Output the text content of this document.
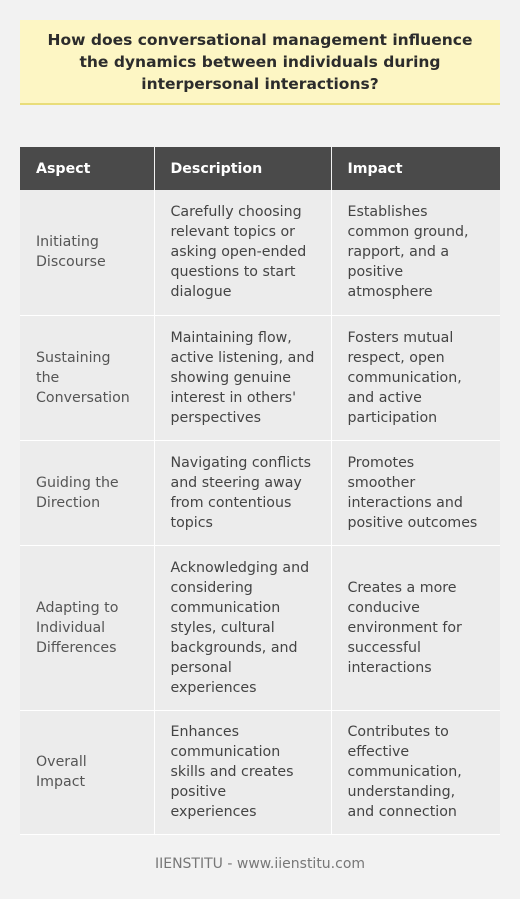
How does conversational management influence the dynamics between individuals during interpersonal interactions?
Aspect	Description	Impact
Initiating Discourse	Carefully choosing relevant topics or asking open-ended questions to start dialogue	Establishes common ground, rapport, and a positive atmosphere
Sustaining the Conversation	Maintaining flow, active listening, and showing genuine interest in others' perspectives	Fosters mutual respect, open communication, and active participation
Guiding the Direction	Navigating conflicts and steering away from contentious topics	Promotes smoother interactions and positive outcomes
Adapting to Individual Differences	Acknowledging and considering communication styles, cultural backgrounds, and personal experiences	Creates a more conducive environment for successful interactions
Overall Impact	Enhances communication skills and creates positive experiences	Contributes to effective communication, understanding, and connection
IIENSTITU - www.iienstitu.com
